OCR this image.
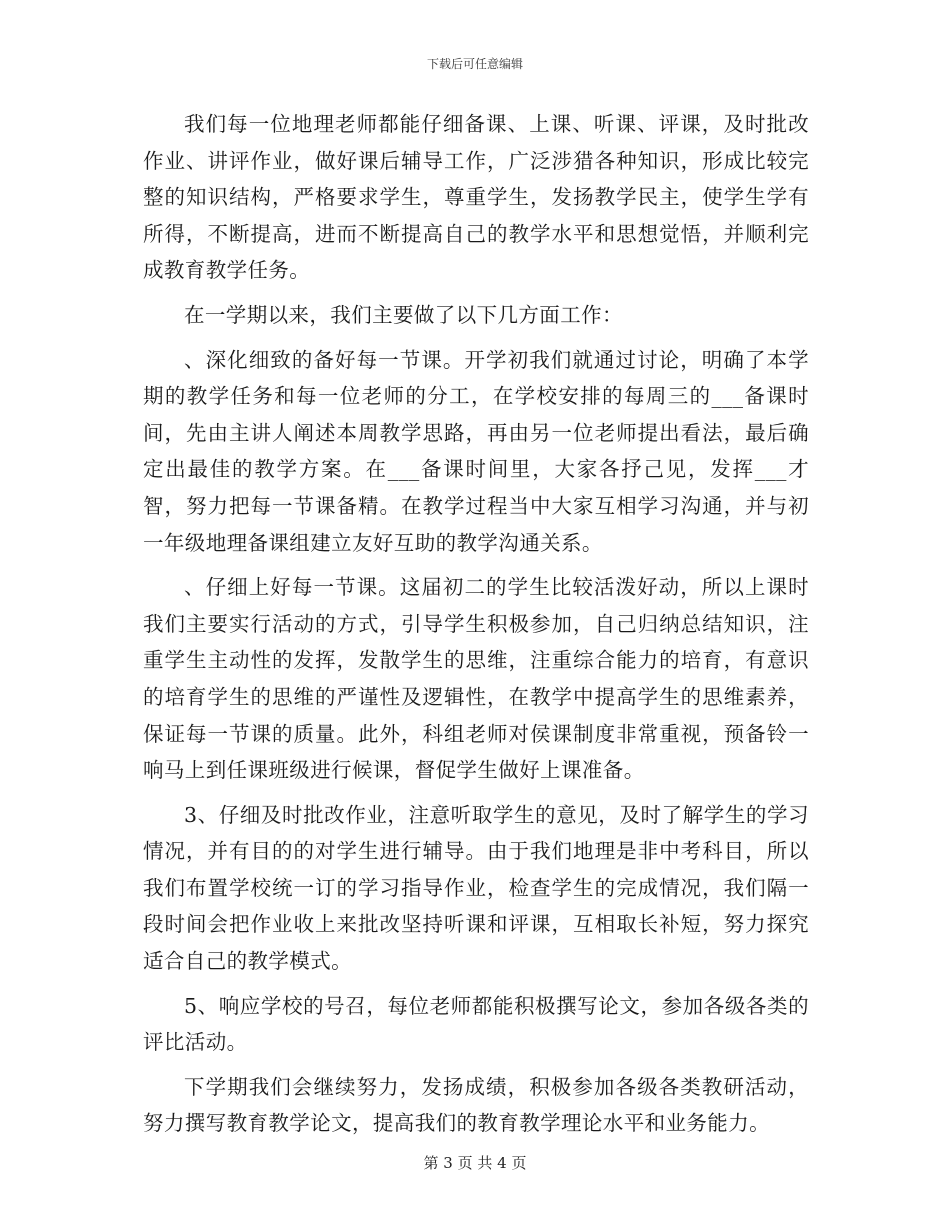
下载后可任意编辑

我们每一位地理老师都能仔细备课、上课、听课、评课，及时批改作业、讲评作业，做好课后辅导工作，广泛涉猎各种知识，形成比较完整的知识结构，严格要求学生，尊重学生，发扬教学民主，使学生学有所得，不断提高，进而不断提高自己的教学水平和思想觉悟，并顺利完成教育教学任务。

在一学期以来，我们主要做了以下几方面工作：

、深化细致的备好每一节课。开学初我们就通过讨论，明确了本学期的教学任务和每一位老师的分工，在学校安排的每周三的___备课时间，先由主讲人阐述本周教学思路，再由另一位老师提出看法，最后确定出最佳的教学方案。在___备课时间里，大家各抒己见，发挥___才智，努力把每一节课备精。在教学过程当中大家互相学习沟通，并与初一年级地理备课组建立友好互助的教学沟通关系。

、仔细上好每一节课。这届初二的学生比较活泼好动，所以上课时我们主要实行活动的方式，引导学生积极参加，自己归纳总结知识，注重学生主动性的发挥，发散学生的思维，注重综合能力的培育，有意识的培育学生的思维的严谨性及逻辑性，在教学中提高学生的思维素养，保证每一节课的质量。此外，科组老师对侯课制度非常重视，预备铃一响马上到任课班级进行候课，督促学生做好上课准备。

3、仔细及时批改作业，注意听取学生的意见，及时了解学生的学习情况，并有目的的对学生进行辅导。由于我们地理是非中考科目，所以我们布置学校统一订的学习指导作业，检查学生的完成情况，我们隔一段时间会把作业收上来批改坚持听课和评课，互相取长补短，努力探究适合自己的教学模式。

5、响应学校的号召，每位老师都能积极撰写论文，参加各级各类的评比活动。

下学期我们会继续努力，发扬成绩，积极参加各级各类教研活动，努力撰写教育教学论文，提高我们的教育教学理论水平和业务能力。

第 3 页 共 4 页
